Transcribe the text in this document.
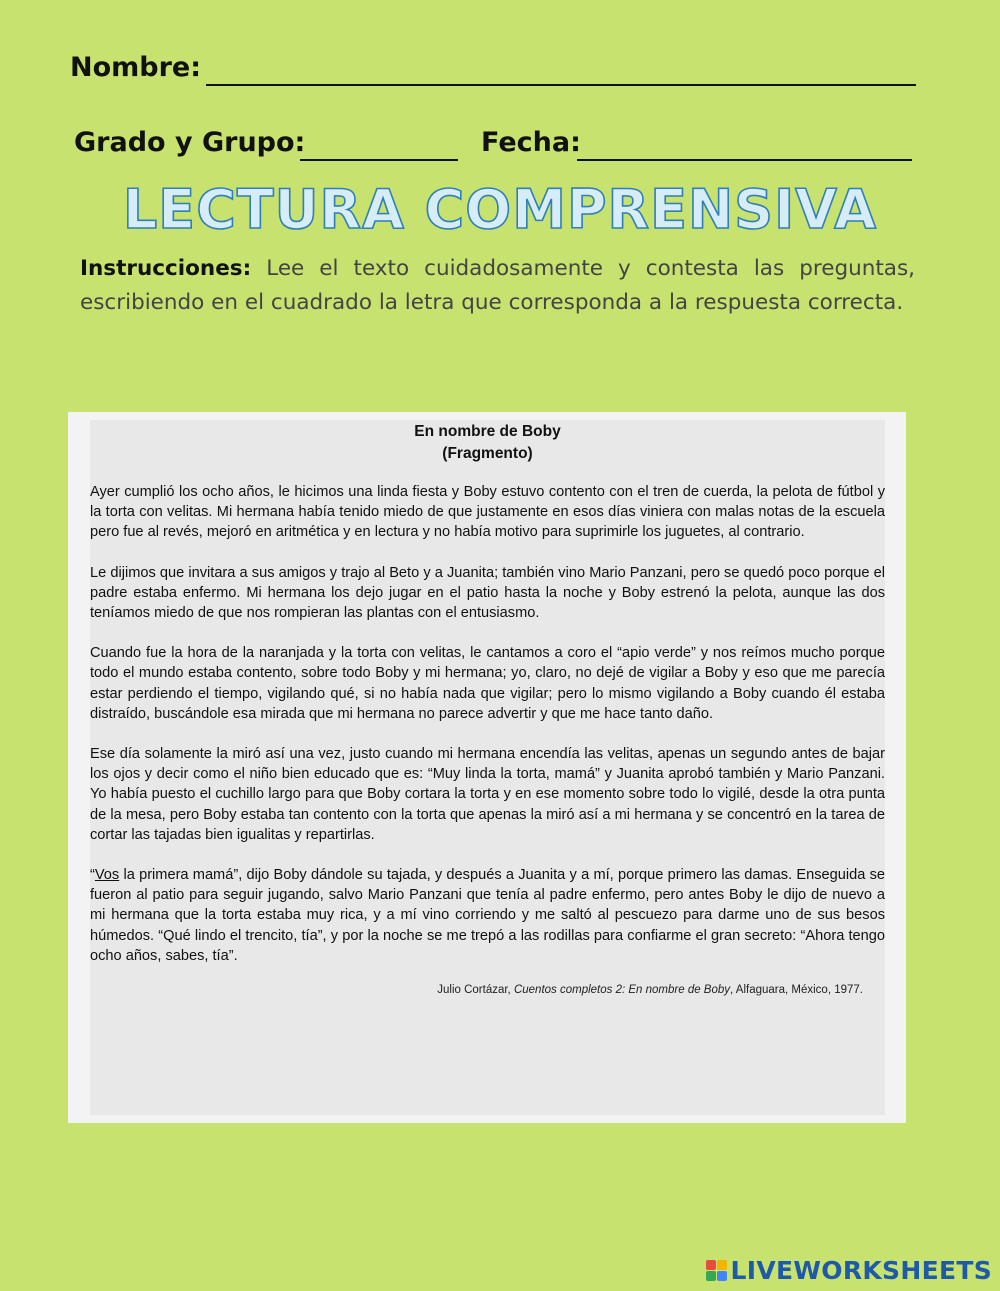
Nombre:
Grado y Grupo:	Fecha:
LECTURA COMPRENSIVA
Instrucciones: Lee el texto cuidadosamente y contesta las preguntas, escribiendo en el cuadrado la letra que corresponda a la respuesta correcta.
En nombre de Boby
(Fragmento)

Ayer cumplió los ocho años, le hicimos una linda fiesta y Boby estuvo contento con el tren de cuerda, la pelota de fútbol y la torta con velitas. Mi hermana había tenido miedo de que justamente en esos días viniera con malas notas de la escuela pero fue al revés, mejoró en aritmética y en lectura y no había motivo para suprimirle los juguetes, al contrario.

Le dijimos que invitara a sus amigos y trajo al Beto y a Juanita; también vino Mario Panzani, pero se quedó poco porque el padre estaba enfermo. Mi hermana los dejo jugar en el patio hasta la noche y Boby estrenó la pelota, aunque las dos teníamos miedo de que nos rompieran las plantas con el entusiasmo.

Cuando fue la hora de la naranjada y la torta con velitas, le cantamos a coro el “apio verde” y nos reímos mucho porque todo el mundo estaba contento, sobre todo Boby y mi hermana; yo, claro, no dejé de vigilar a Boby y eso que me parecía estar perdiendo el tiempo, vigilando qué, si no había nada que vigilar; pero lo mismo vigilando a Boby cuando él estaba distraído, buscándole esa mirada que mi hermana no parece advertir y que me hace tanto daño.

Ese día solamente la miró así una vez, justo cuando mi hermana encendía las velitas, apenas un segundo antes de bajar los ojos y decir como el niño bien educado que es: “Muy linda la torta, mamá” y Juanita aprobó también y Mario Panzani. Yo había puesto el cuchillo largo para que Boby cortara la torta y en ese momento sobre todo lo vigilé, desde la otra punta de la mesa, pero Boby estaba tan contento con la torta que apenas la miró así a mi hermana y se concentró en la tarea de cortar las tajadas bien igualitas y repartirlas.

“Vos la primera mamá”, dijo Boby dándole su tajada, y después a Juanita y a mí, porque primero las damas. Enseguida se fueron al patio para seguir jugando, salvo Mario Panzani que tenía al padre enfermo, pero antes Boby le dijo de nuevo a mi hermana que la torta estaba muy rica, y a mí vino corriendo y me saltó al pescuezo para darme uno de sus besos húmedos. “Qué lindo el trencito, tía”, y por la noche se me trepó a las rodillas para confiarme el gran secreto: “Ahora tengo ocho años, sabes, tía”.

Julio Cortázar, Cuentos completos 2: En nombre de Boby, Alfaguara, México, 1977.
LIVEWORKSHEETS
